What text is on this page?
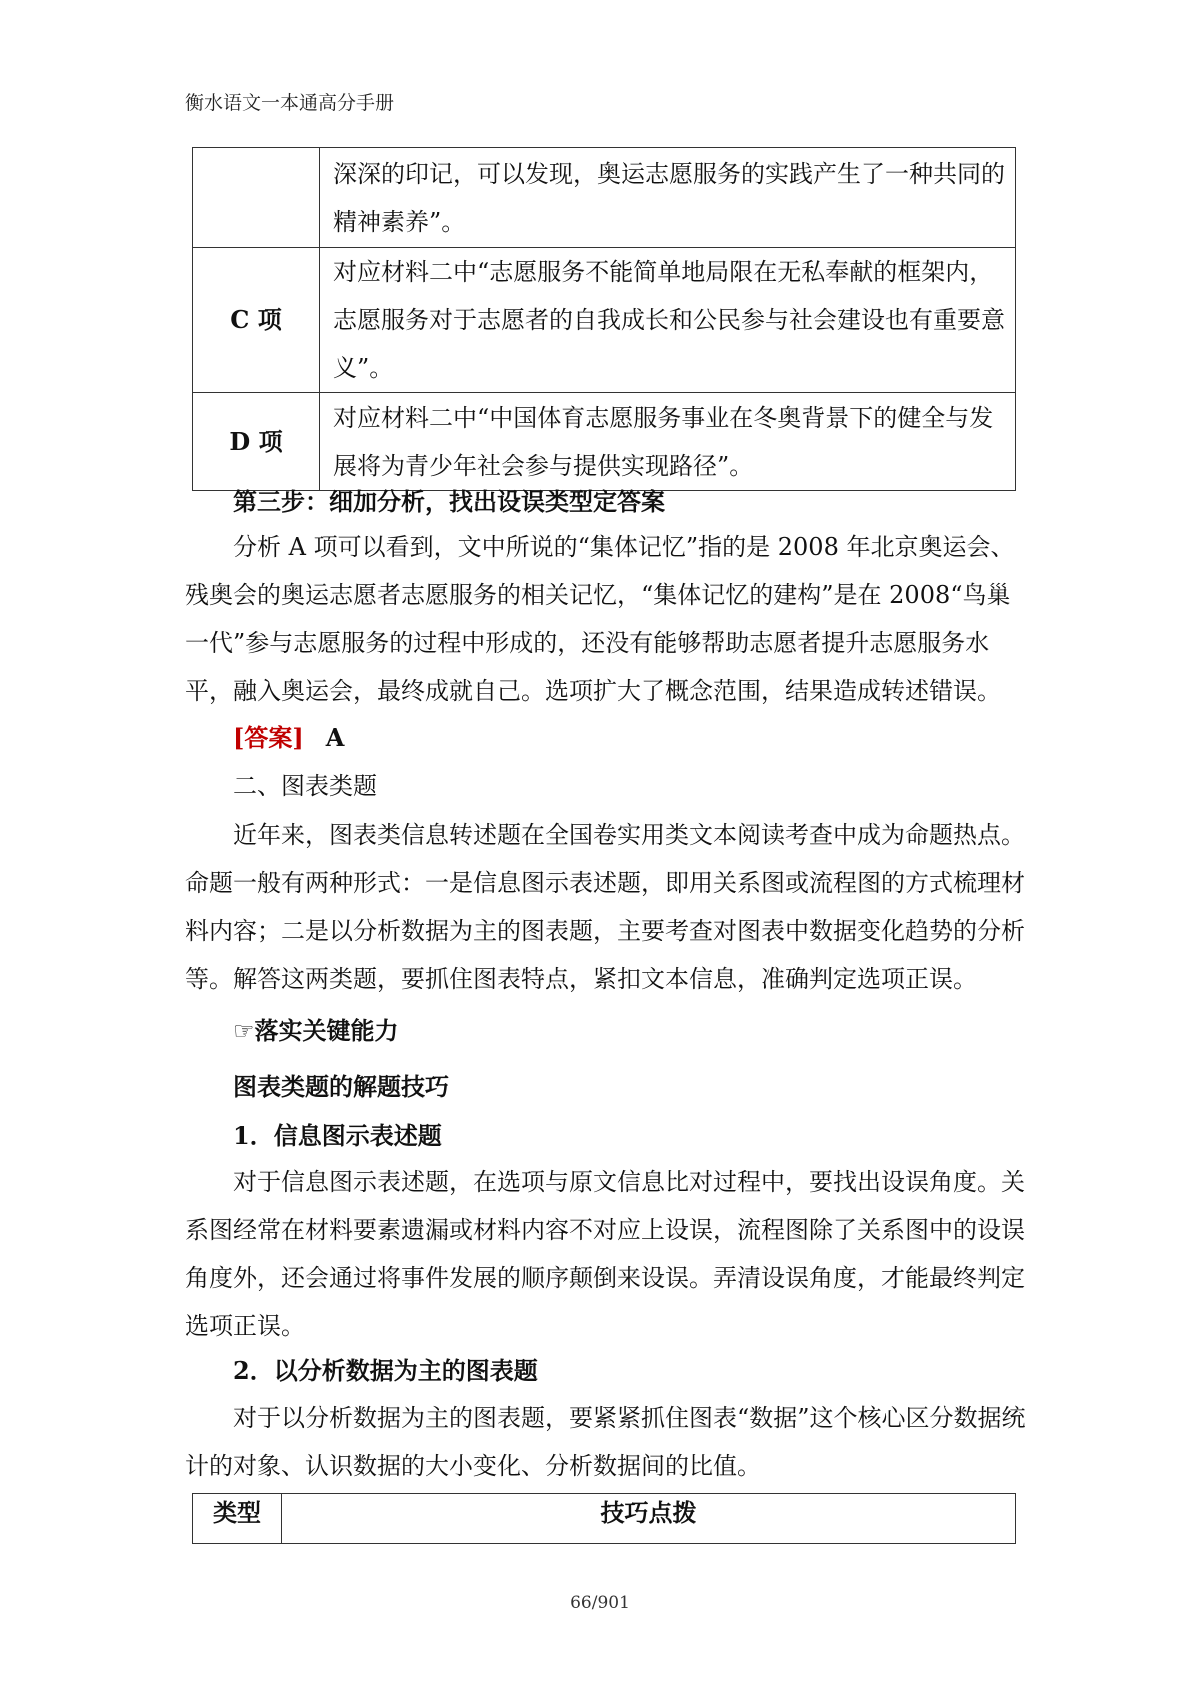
衡水语文一本通高分手册
	深深的印记，可以发现，奥运志愿服务的实践产生了一种共同的精神素养”。
C 项	对应材料二中“志愿服务不能简单地局限在无私奉献的框架内，志愿服务对于志愿者的自我成长和公民参与社会建设也有重要意义”。
D 项	对应材料二中“中国体育志愿服务事业在冬奥背景下的健全与发展将为青少年社会参与提供实现路径”。
第三步：细加分析，找出设误类型定答案

分析 A 项可以看到，文中所说的“集体记忆”指的是 2008 年北京奥运会、残奥会的奥运志愿者志愿服务的相关记忆，“集体记忆的建构”是在 2008“鸟巢一代”参与志愿服务的过程中形成的，还没有能够帮助志愿者提升志愿服务水平，融入奥运会，最终成就自己。选项扩大了概念范围，结果造成转述错误。

[答案] A
二、图表类题

近年来，图表类信息转述题在全国卷实用类文本阅读考查中成为命题热点。命题一般有两种形式：一是信息图示表述题，即用关系图或流程图的方式梳理材料内容；二是以分析数据为主的图表题，主要考查对图表中数据变化趋势的分析等。解答这两类题，要抓住图表特点，紧扣文本信息，准确判定选项正误。

☞落实关键能力
图表类题的解题技巧
1．信息图示表述题

对于信息图示表述题，在选项与原文信息比对过程中，要找出设误角度。关系图经常在材料要素遗漏或材料内容不对应上设误，流程图除了关系图中的设误角度外，还会通过将事件发展的顺序颠倒来设误。弄清设误角度，才能最终判定选项正误。

2．以分析数据为主的图表题

对于以分析数据为主的图表题，要紧紧抓住图表“数据”这个核心区分数据统计的对象、认识数据的大小变化、分析数据间的比值。

类型	技巧点拨
66/901
